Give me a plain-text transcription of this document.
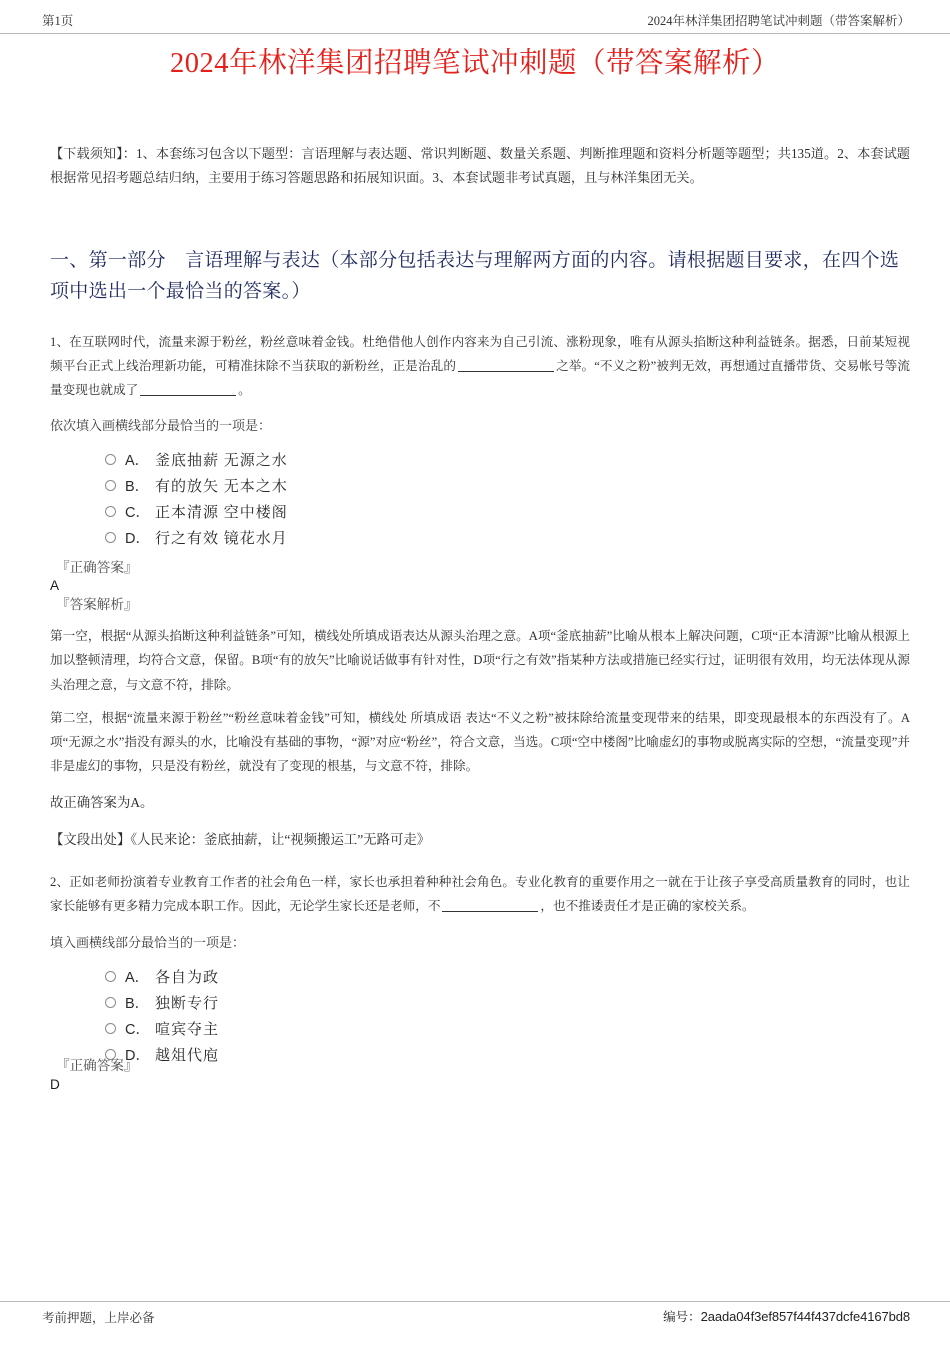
第1页	2024年林洋集团招聘笔试冲刺题（带答案解析）
2024年林洋集团招聘笔试冲刺题（带答案解析）

【下载须知】：1、本套练习包含以下题型：言语理解与表达题、常识判断题、数量关系题、判断推理题和资料分析题等题型；共135道。2、本套试题根据常见招考题总结归纳，主要用于练习答题思路和拓展知识面。3、本套试题非考试真题，且与林洋集团无关。

一、第一部分　言语理解与表达（本部分包括表达与理解两方面的内容。请根据题目要求，在四个选项中选出一个最恰当的答案。）

1、在互联网时代，流量来源于粉丝，粉丝意味着金钱。杜绝借他人创作内容来为自己引流、涨粉现象，唯有从源头掐断这种利益链条。据悉，日前某短视频平台正式上线治理新功能，可精准抹除不当获取的新粉丝，正是治乱的	之举。“不义之粉”被判无效，再想通过直播带货、交易帐号等流量变现也就成了	。

依次填入画横线部分最恰当的一项是：

A． 釜底抽薪 无源之水
B． 有的放矢 无本之木
C． 正本清源 空中楼阁
D． 行之有效 镜花水月

『正确答案』

A

『答案解析』

第一空，根据“从源头掐断这种利益链条”可知，横线处所填成语表达从源头治理之意。A项“釜底抽薪”比喻从根本上解决问题，C项“正本清源”比喻从根源上加以整顿清理，均符合文意，保留。B项“有的放矢”比喻说话做事有针对性，D项“行之有效”指某种方法或措施已经实行过，证明很有效用，均无法体现从源头治理之意，与文意不符，排除。

第二空，根据“流量来源于粉丝”“粉丝意味着金钱”可知，横线处 所填成语 表达“不义之粉”被抹除给流量变现带来的结果，即变现最根本的东西没有了。A项“无源之水”指没有源头的水，比喻没有基础的事物，“源”对应“粉丝”，符合文意，当选。C项“空中楼阁”比喻虚幻的事物或脱离实际的空想，“流量变现”并非是虚幻的事物，只是没有粉丝，就没有了变现的根基，与文意不符，排除。

故正确答案为A。

【文段出处】《人民来论：釜底抽薪，让“视频搬运工”无路可走》

2、正如老师扮演着专业教育工作者的社会角色一样，家长也承担着种种社会角色。专业化教育的重要作用之一就在于让孩子享受高质量教育的同时，也让家长能够有更多精力完成本职工作。因此，无论学生家长还是老师，不	，也不推诿责任才是正确的家校关系。

填入画横线部分最恰当的一项是：

A． 各自为政
B． 独断专行
C． 喧宾夺主
D． 越俎代庖

『正确答案』

D

考前押题，上岸必备	编号：2aada04f3ef857f44f437dcfe4167bd8
